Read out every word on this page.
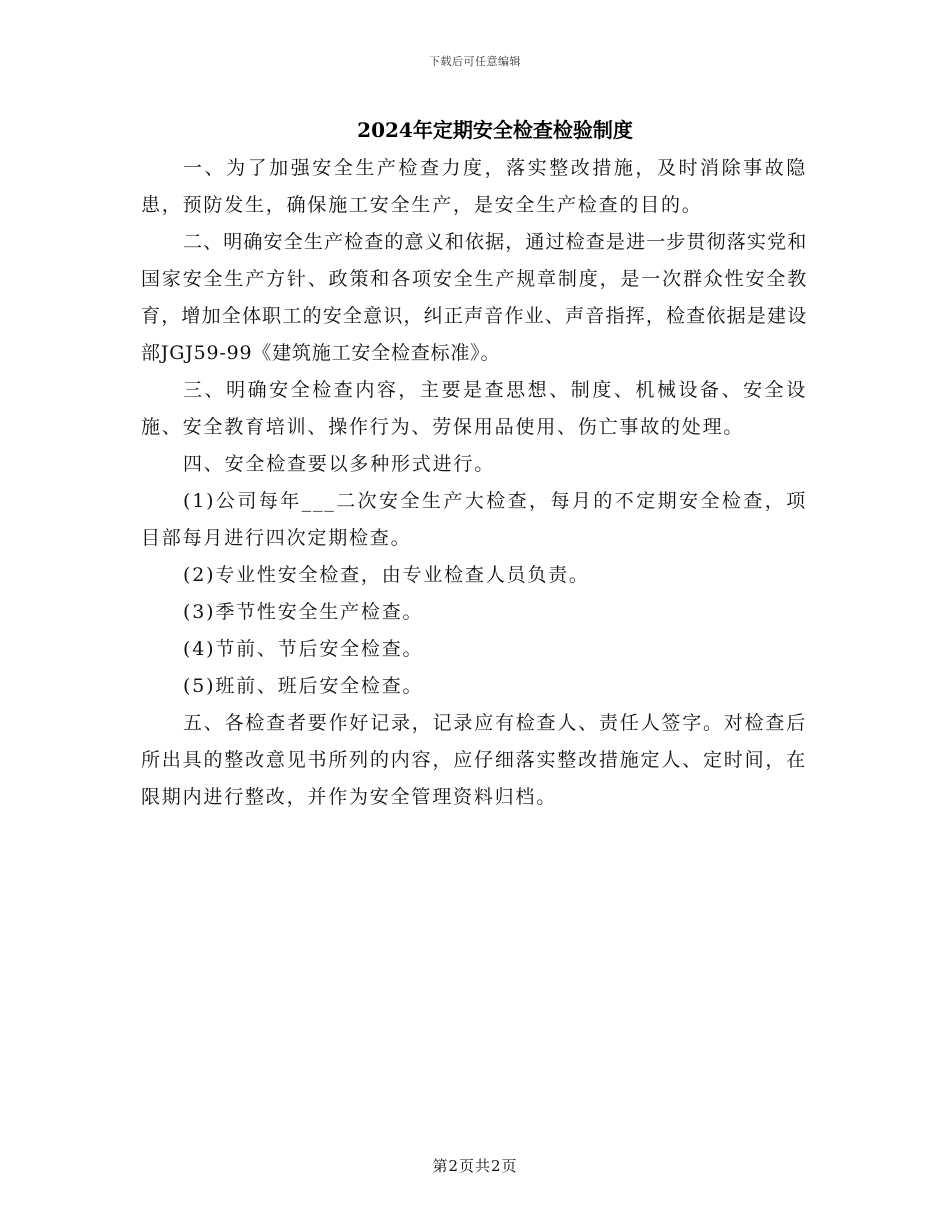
下载后可任意编辑
2024年定期安全检查检验制度

一、为了加强安全生产检查力度，落实整改措施，及时消除事故隐患，预防发生，确保施工安全生产，是安全生产检查的目的。

二、明确安全生产检查的意义和依据，通过检查是进一步贯彻落实党和国家安全生产方针、政策和各项安全生产规章制度，是一次群众性安全教育，增加全体职工的安全意识，纠正声音作业、声音指挥，检查依据是建设部JGJ59-99《建筑施工安全检查标准》。

三、明确安全检查内容，主要是查思想、制度、机械设备、安全设施、安全教育培训、操作行为、劳保用品使用、伤亡事故的处理。

四、安全检查要以多种形式进行。

(1)公司每年___二次安全生产大检查，每月的不定期安全检查，项目部每月进行四次定期检查。

(2)专业性安全检查，由专业检查人员负责。

(3)季节性安全生产检查。

(4)节前、节后安全检查。

(5)班前、班后安全检查。

五、各检查者要作好记录，记录应有检查人、责任人签字。对检查后所出具的整改意见书所列的内容，应仔细落实整改措施定人、定时间，在限期内进行整改，并作为安全管理资料归档。

第2页共2页
